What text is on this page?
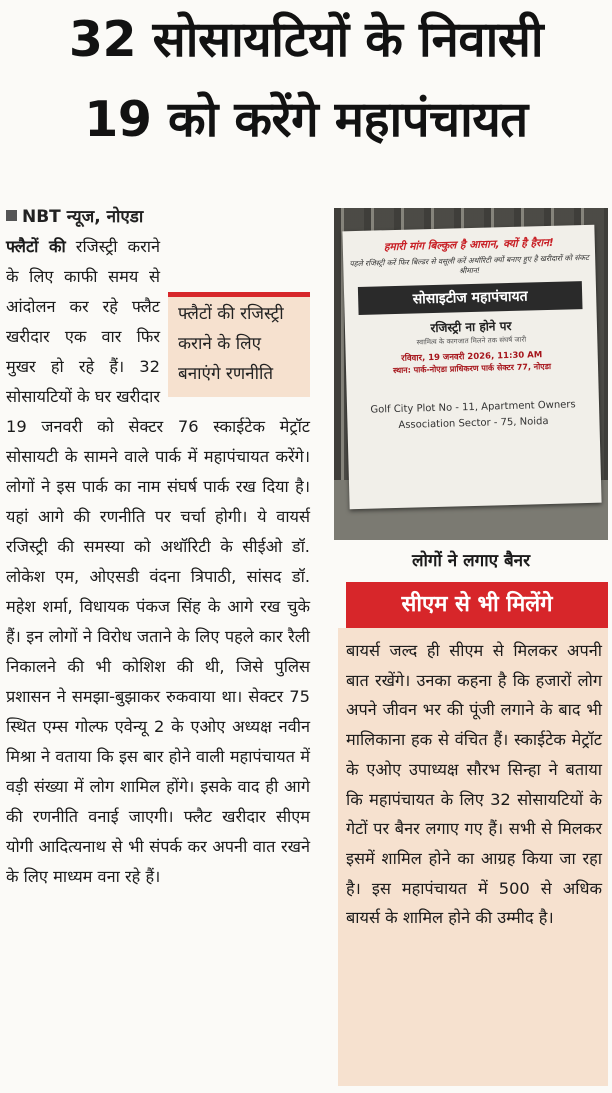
32 सोसायटियों के निवासी
19 को करेंगे महापंचायत
NBT न्यूज, नोएडा
फ्लैटों की रजिस्ट्री कराने के लिए बनाएंगे रणनीति

फ्लैटों की रजिस्ट्री कराने के लिए काफी समय से आंदोलन कर रहे फ्लैट खरीदार एक वार फिर मुखर हो रहे हैं। 32 सोसायटियों के घर खरीदार 19 जनवरी को सेक्टर 76 स्काईटेक मेट्रॉट सोसायटी के सामने वाले पार्क में महापंचायत करेंगे। लोगों ने इस पार्क का नाम संघर्ष पार्क रख दिया है। यहां आगे की रणनीति पर चर्चा होगी। ये वायर्स रजिस्ट्री की समस्या को अथॉरिटी के सीईओ डॉ. लोकेश एम, ओएसडी वंदना त्रिपाठी, सांसद डॉ. महेश शर्मा, विधायक पंकज सिंह के आगे रख चुके हैं। इन लोगों ने विरोध जताने के लिए पहले कार रैली निकालने की भी कोशिश की थी, जिसे पुलिस प्रशासन ने समझा-बुझाकर रुकवाया था। सेक्टर 75 स्थित एम्स गोल्फ एवेन्यू 2 के एओए अध्यक्ष नवीन मिश्रा ने वताया कि इस बार होने वाली महापंचायत में वड़ी संख्या में लोग शामिल होंगे। इसके वाद ही आगे की रणनीति वनाई जाएगी। फ्लैट खरीदार सीएम योगी आदित्यनाथ से भी संपर्क कर अपनी वात रखने के लिए माध्यम वना रहे हैं।

हमारी मांग बिल्कुल है आसान, क्यों है हैरान!
पहले रजिस्ट्री करें फिर बिल्डर से वसूली करें अथॉरिटी क्यों बनाए हुए है खरीदारों को संकट श्रीमान!
सोसाइटीज महापंचायत
रजिस्ट्री ना होने पर
स्वामित्व के कागजात मिलने तक संघर्ष जारी
रविवार, 19 जनवरी 2026, 11:30 AM
स्थान: पार्क-नोएडा प्राधिकरण पार्क सेक्टर 77, नोएडा
Golf City Plot No - 11, Apartment Owners Association Sector - 75, Noida
लोगों ने लगाए बैनर
सीएम से भी मिलेंगे

बायर्स जल्द ही सीएम से मिलकर अपनी बात रखेंगे। उनका कहना है कि हजारों लोग अपने जीवन भर की पूंजी लगाने के बाद भी मालिकाना हक से वंचित हैं। स्काईटेक मेट्रॉट के एओए उपाध्यक्ष सौरभ सिन्हा ने बताया कि महापंचायत के लिए 32 सोसायटियों के गेटों पर बैनर लगाए गए हैं। सभी से मिलकर इसमें शामिल होने का आग्रह किया जा रहा है। इस महापंचायत में 500 से अधिक बायर्स के शामिल होने की उम्मीद है।
